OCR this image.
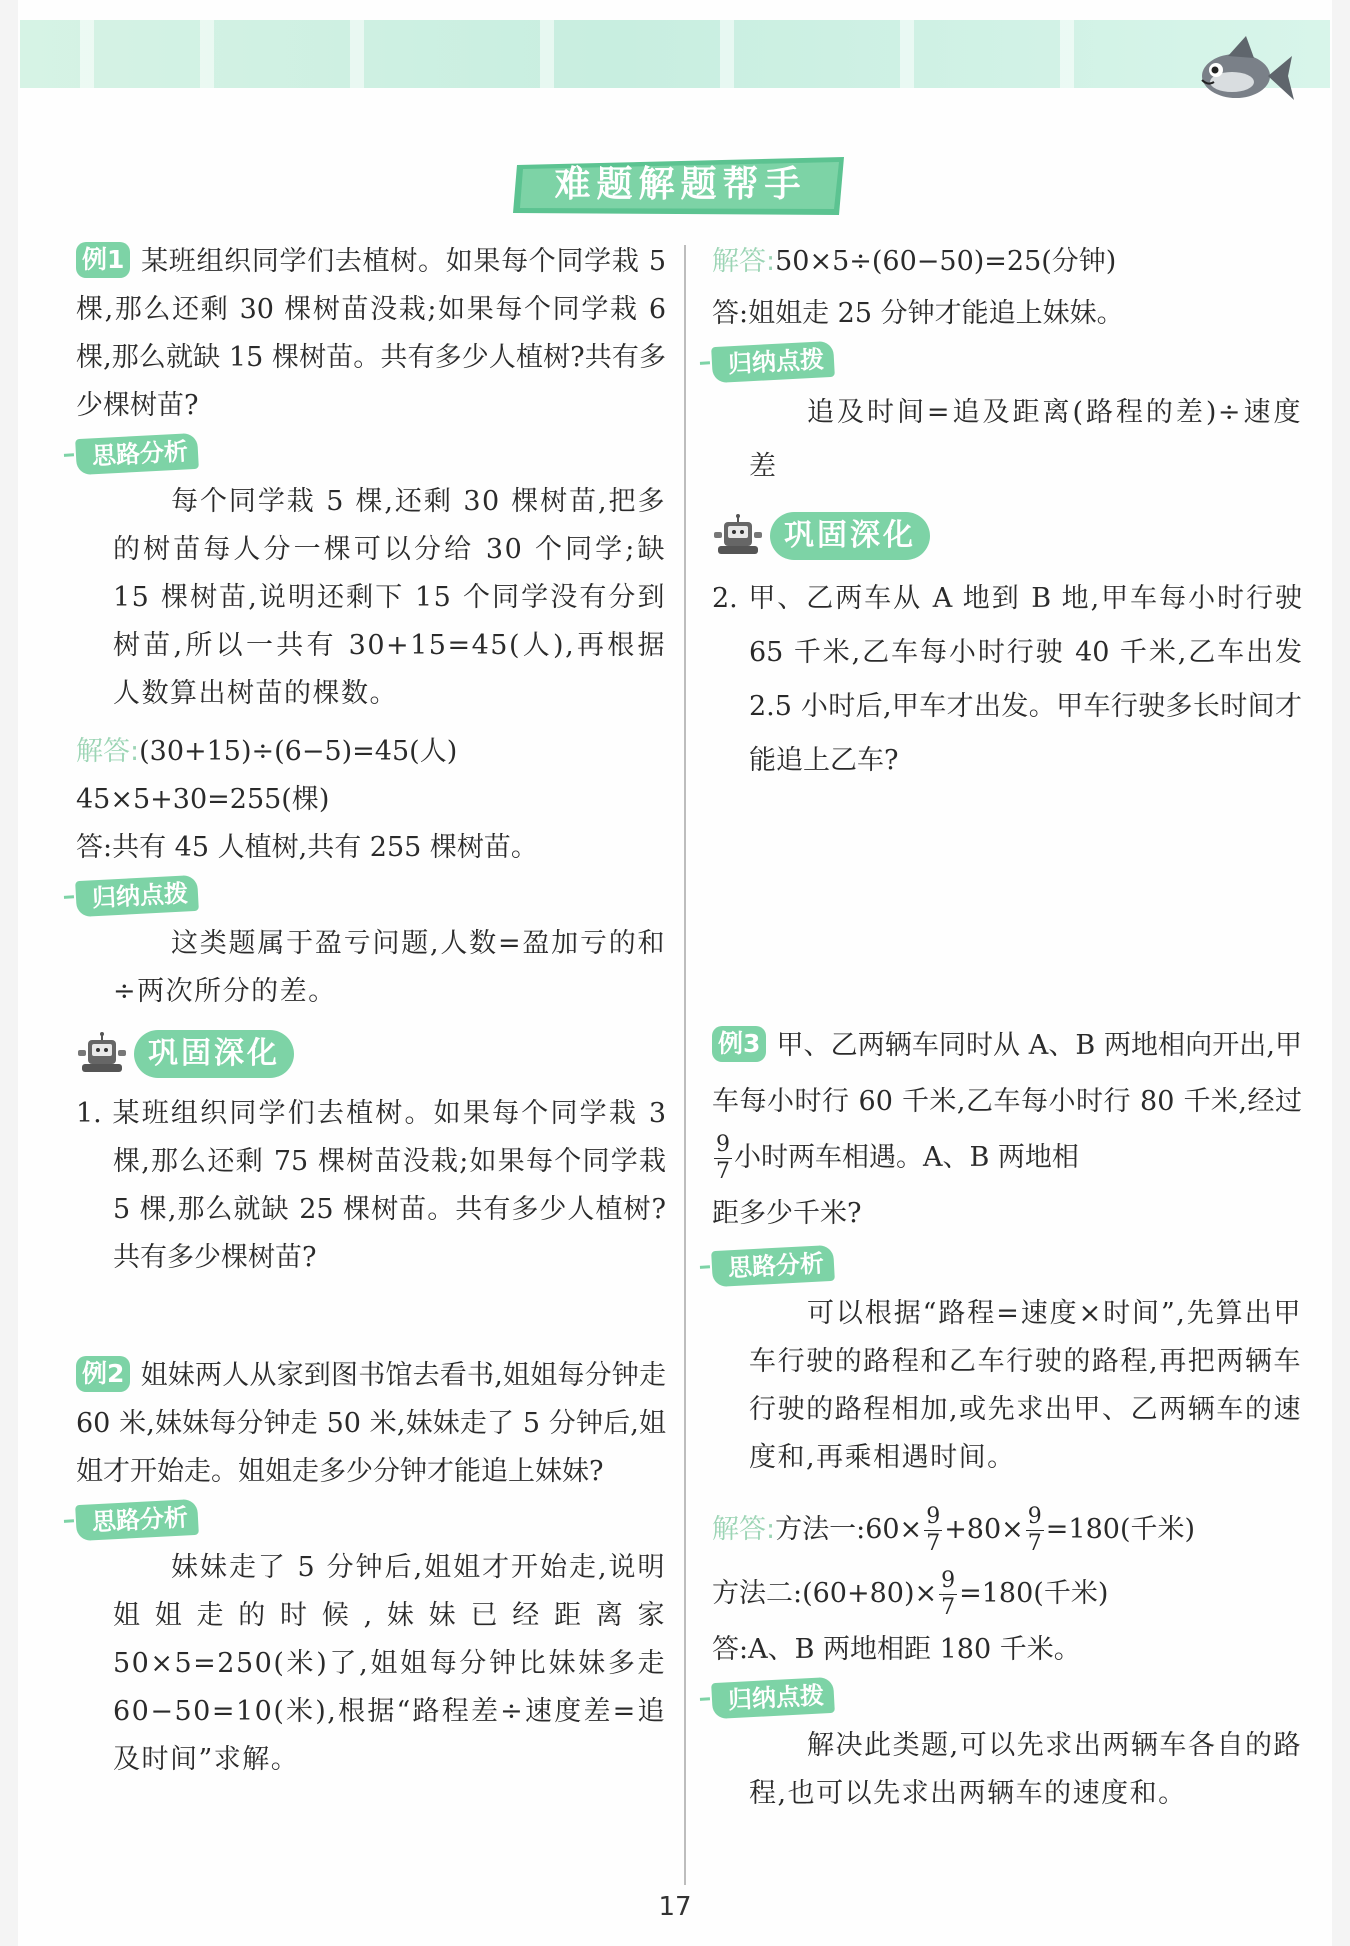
难题解题帮手

例1 某班组织同学们去植树。如果每个同学栽 5 棵,那么还剩 30 棵树苗没栽;如果每个同学栽 6 棵,那么就缺 15 棵树苗。共有多少人植树?共有多少棵树苗?

思路分析

每个同学栽 5 棵,还剩 30 棵树苗,把多的树苗每人分一棵可以分给 30 个同学;缺 15 棵树苗,说明还剩下 15 个同学没有分到树苗,所以一共有 30+15=45(人),再根据人数算出树苗的棵数。

解答:(30+15)÷(6−5)=45(人)

45×5+30=255(棵)

答:共有 45 人植树,共有 255 棵树苗。

归纳点拨

这类题属于盈亏问题,人数=盈加亏的和÷两次所分的差。

巩固深化

1. 某班组织同学们去植树。如果每个同学栽 3 棵,那么还剩 75 棵树苗没栽;如果每个同学栽 5 棵,那么就缺 25 棵树苗。共有多少人植树?共有多少棵树苗?

例2 姐妹两人从家到图书馆去看书,姐姐每分钟走 60 米,妹妹每分钟走 50 米,妹妹走了 5 分钟后,姐姐才开始走。姐姐走多少分钟才能追上妹妹?

思路分析

妹妹走了 5 分钟后,姐姐才开始走,说明姐姐走的时候,妹妹已经距离家 50×5=250(米)了,姐姐每分钟比妹妹多走 60−50=10(米),根据“路程差÷速度差=追及时间”求解。

解答:50×5÷(60−50)=25(分钟)

答:姐姐走 25 分钟才能追上妹妹。

归纳点拨

追及时间=追及距离(路程的差)÷速度差

巩固深化

2. 甲、乙两车从 A 地到 B 地,甲车每小时行驶 65 千米,乙车每小时行驶 40 千米,乙车出发 2.5 小时后,甲车才出发。甲车行驶多长时间才能追上乙车?

例3 甲、乙两辆车同时从 A、B 两地相向开出,甲车每小时行 60 千米,乙车每小时行 80 千米,经过
$\frac{9}{7}$ 小时两车相遇。A、B 两地相
距多少千米?
思路分析

可以根据“路程=速度×时间”,先算出甲车行驶的路程和乙车行驶的路程,再把两辆车行驶的路程相加,或先求出甲、乙两辆车的速度和,再乘相遇时间。

解答:方法一:60× $\frac{9}{7} +80\times \frac{9}{7} =180$(千米)

方法二:(60+80)× $\frac{9}{7} =180$(千米)

答:A、B 两地相距 180 千米。

归纳点拨

解决此类题,可以先求出两辆车各自的路程,也可以先求出两辆车的速度和。

17
